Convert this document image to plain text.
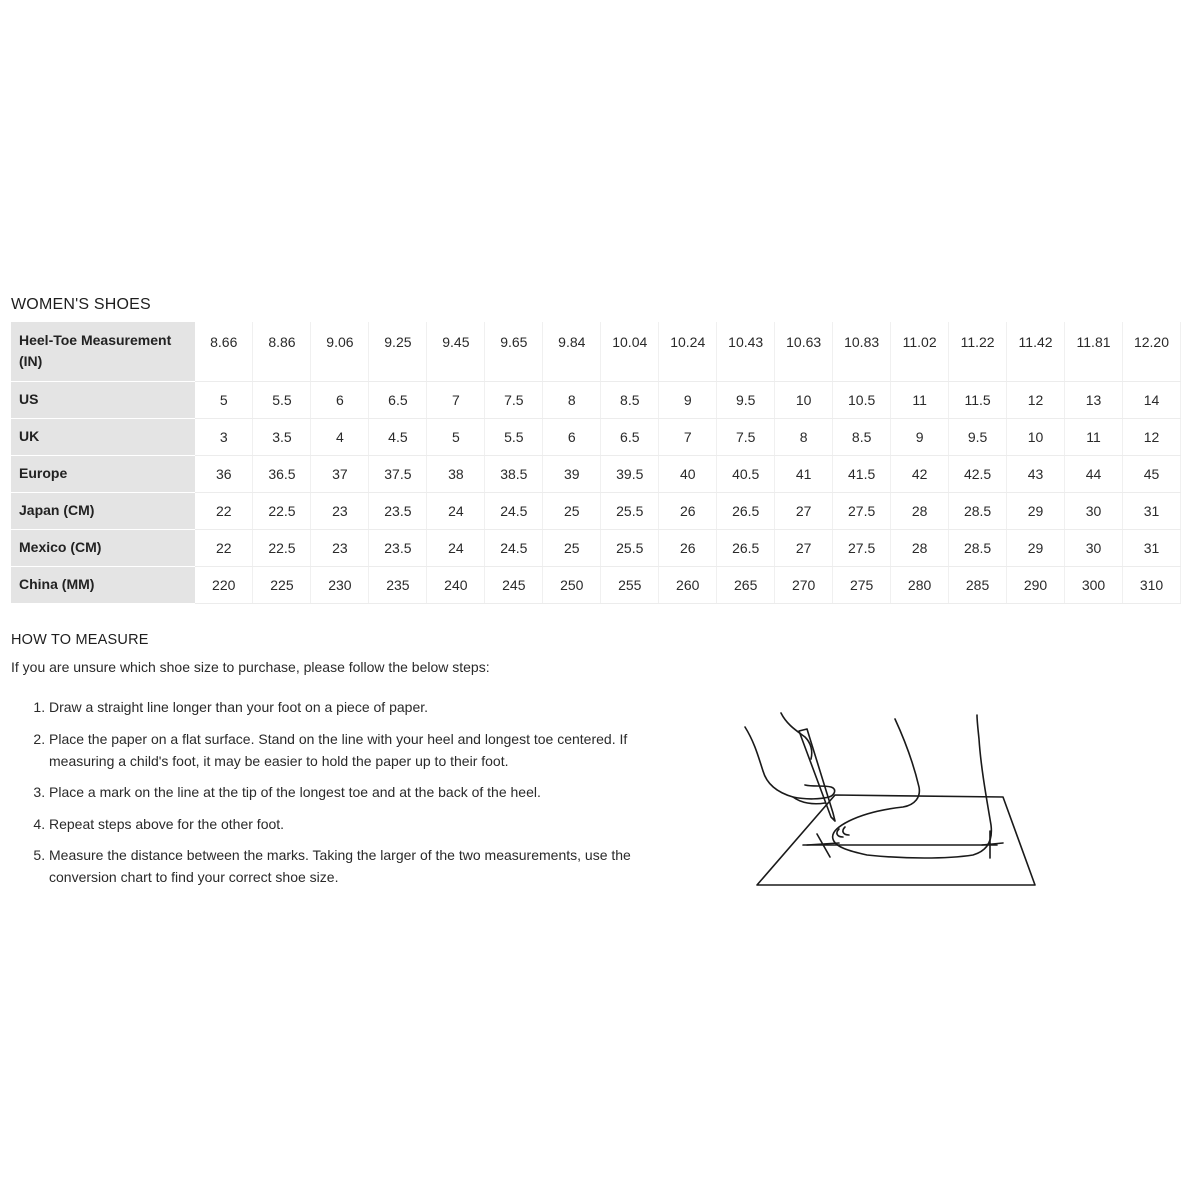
WOMEN'S SHOES
Heel-Toe Measurement (IN)	8.66	8.86	9.06	9.25	9.45	9.65	9.84	10.04	10.24	10.43	10.63	10.83	11.02	11.22	11.42	11.81	12.20
US	5	5.5	6	6.5	7	7.5	8	8.5	9	9.5	10	10.5	11	11.5	12	13	14
UK	3	3.5	4	4.5	5	5.5	6	6.5	7	7.5	8	8.5	9	9.5	10	11	12
Europe	36	36.5	37	37.5	38	38.5	39	39.5	40	40.5	41	41.5	42	42.5	43	44	45
Japan (CM)	22	22.5	23	23.5	24	24.5	25	25.5	26	26.5	27	27.5	28	28.5	29	30	31
Mexico (CM)	22	22.5	23	23.5	24	24.5	25	25.5	26	26.5	27	27.5	28	28.5	29	30	31
China (MM)	220	225	230	235	240	245	250	255	260	265	270	275	280	285	290	300	310
HOW TO MEASURE

If you are unsure which shoe size to purchase, please follow the below steps:

1. Draw a straight line longer than your foot on a piece of paper.
2. Place the paper on a flat surface. Stand on the line with your heel and longest toe centered. If measuring a child's foot, it may be easier to hold the paper up to their foot.
3. Place a mark on the line at the tip of the longest toe and at the back of the heel.
4. Repeat steps above for the other foot.
5. Measure the distance between the marks. Taking the larger of the two measurements, use the conversion chart to find your correct shoe size.
